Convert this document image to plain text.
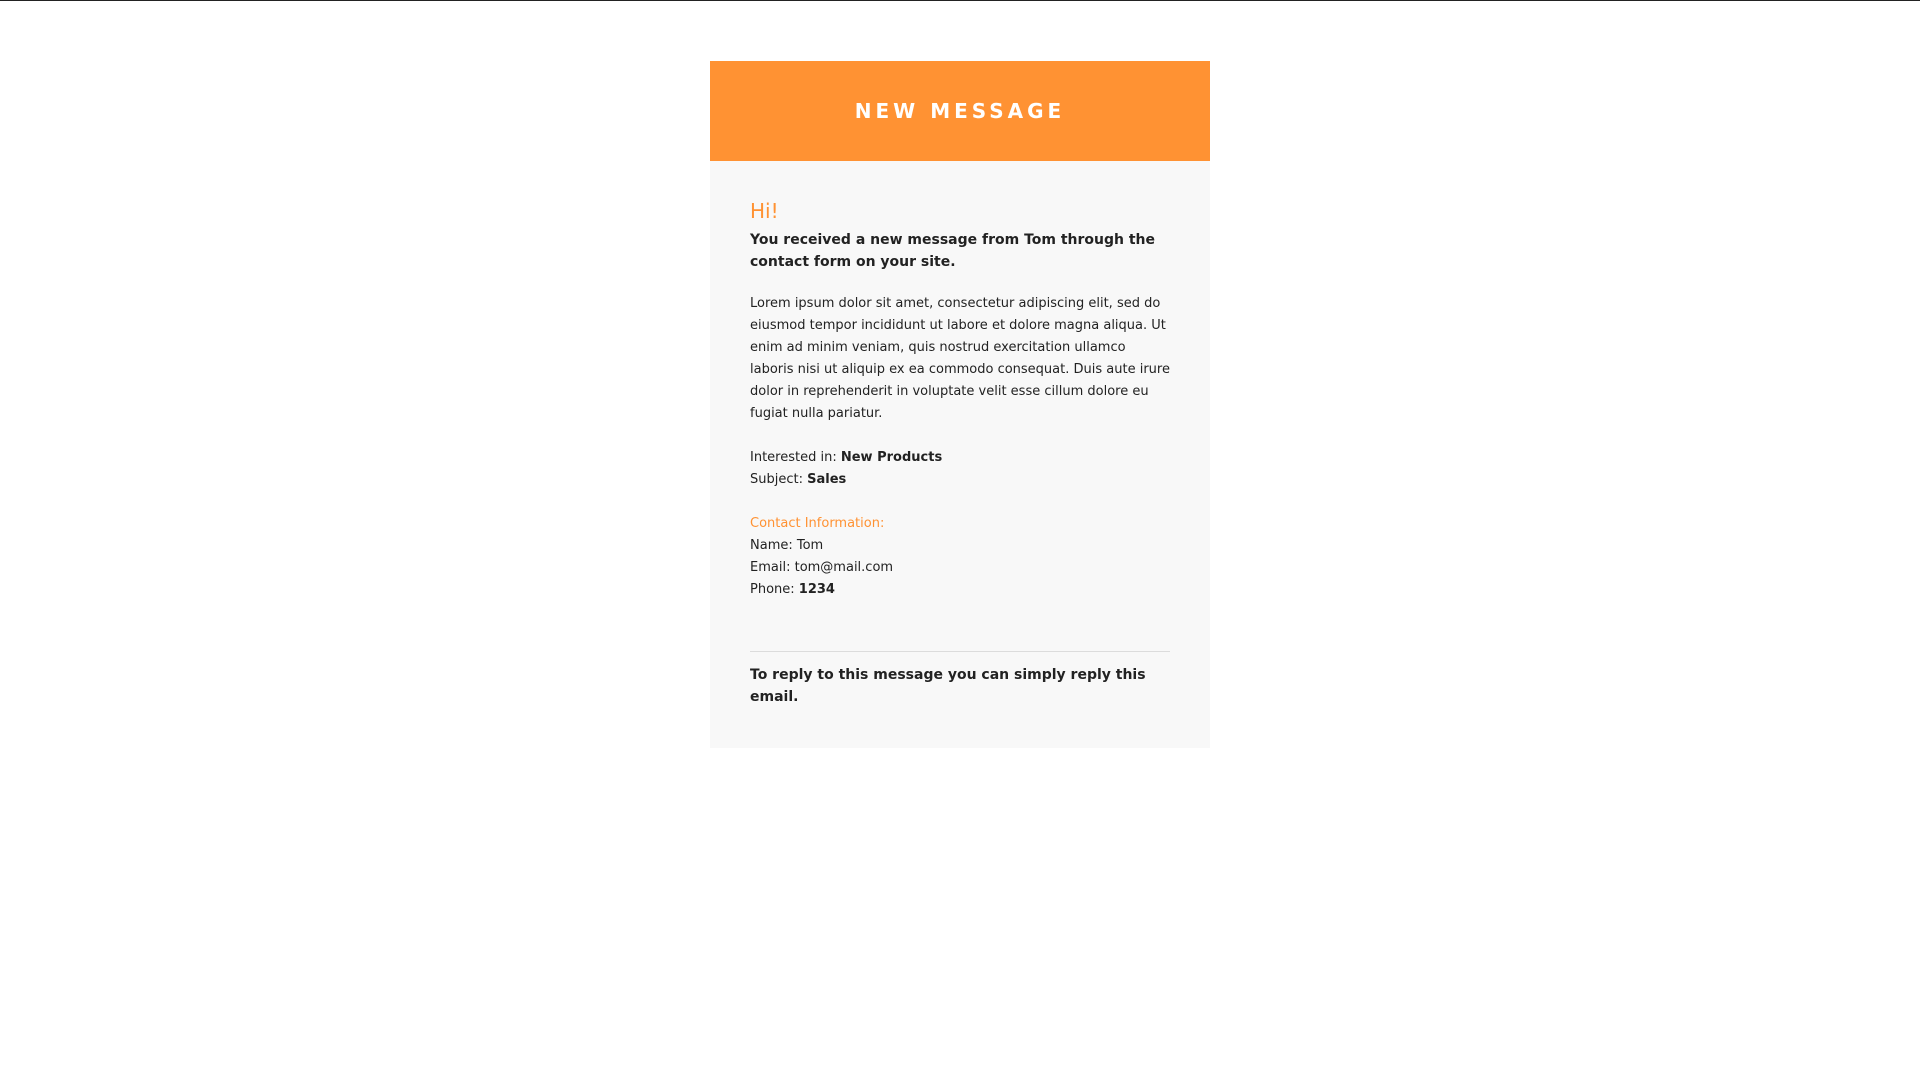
NEW MESSAGE

Hi!

You received a new message from Tom through the contact form on your site.

Lorem ipsum dolor sit amet, consectetur adipiscing elit, sed do eiusmod tempor incididunt ut labore et dolore magna aliqua. Ut enim ad minim veniam, quis nostrud exercitation ullamco laboris nisi ut aliquip ex ea commodo consequat. Duis aute irure dolor in reprehenderit in voluptate velit esse cillum dolore eu fugiat nulla pariatur.

Interested in: New Products

Subject: Sales

Contact Information:

Name: Tom

Email: tom@mail.com

Phone: 1234

To reply to this message you can simply reply this email.
